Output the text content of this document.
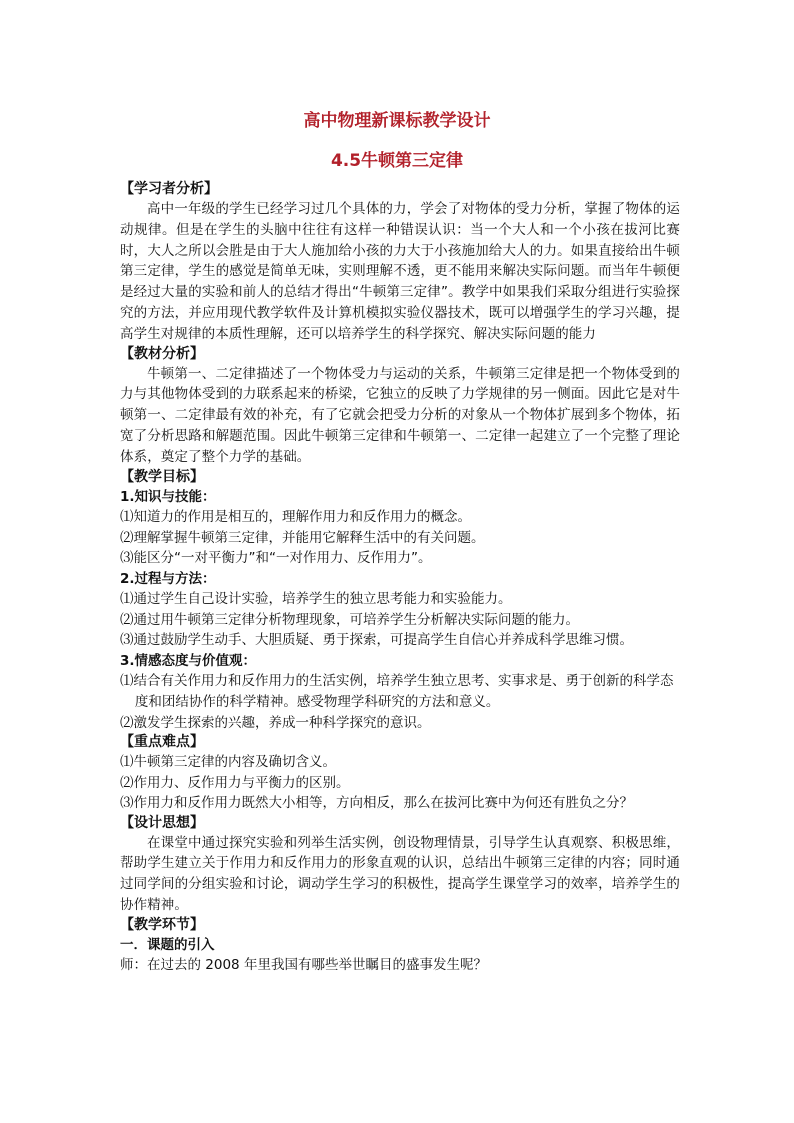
高中物理新课标教学设计
4.5牛顿第三定律

【学习者分析】

高中一年级的学生已经学习过几个具体的力，学会了对物体的受力分析，掌握了物体的运动规律。但是在学生的头脑中往往有这样一种错误认识：当一个大人和一个小孩在拔河比赛时，大人之所以会胜是由于大人施加给小孩的力大于小孩施加给大人的力。如果直接给出牛顿第三定律，学生的感觉是简单无味，实则理解不透，更不能用来解决实际问题。而当年牛顿便是经过大量的实验和前人的总结才得出“牛顿第三定律”。教学中如果我们采取分组进行实验探究的方法，并应用现代教学软件及计算机模拟实验仪器技术，既可以增强学生的学习兴趣，提高学生对规律的本质性理解，还可以培养学生的科学探究、解决实际问题的能力

【教材分析】

牛顿第一、二定律描述了一个物体受力与运动的关系，牛顿第三定律是把一个物体受到的力与其他物体受到的力联系起来的桥梁，它独立的反映了力学规律的另一侧面。因此它是对牛顿第一、二定律最有效的补充，有了它就会把受力分析的对象从一个物体扩展到多个物体，拓宽了分析思路和解题范围。因此牛顿第三定律和牛顿第一、二定律一起建立了一个完整了理论体系，奠定了整个力学的基础。

【教学目标】

1.知识与技能：

⑴知道力的作用是相互的，理解作用力和反作用力的概念。

⑵理解掌握牛顿第三定律，并能用它解释生活中的有关问题。

⑶能区分“一对平衡力”和“一对作用力、反作用力”。

2.过程与方法：

⑴通过学生自己设计实验，培养学生的独立思考能力和实验能力。

⑵通过用牛顿第三定律分析物理现象，可培养学生分析解决实际问题的能力。

⑶通过鼓励学生动手、大胆质疑、勇于探索，可提高学生自信心并养成科学思维习惯。

3.情感态度与价值观：

⑴结合有关作用力和反作用力的生活实例，培养学生独立思考、实事求是、勇于创新的科学态度和团结协作的科学精神。感受物理学科研究的方法和意义。

⑵激发学生探索的兴趣，养成一种科学探究的意识。

【重点难点】

⑴牛顿第三定律的内容及确切含义。

⑵作用力、反作用力与平衡力的区别。

⑶作用力和反作用力既然大小相等，方向相反，那么在拔河比赛中为何还有胜负之分？

【设计思想】

在课堂中通过探究实验和列举生活实例，创设物理情景，引导学生认真观察、积极思维，帮助学生建立关于作用力和反作用力的形象直观的认识，总结出牛顿第三定律的内容；同时通过同学间的分组实验和讨论，调动学生学习的积极性，提高学生课堂学习的效率，培养学生的协作精神。

【教学环节】

一．课题的引入

师：在过去的 2008 年里我国有哪些举世瞩目的盛事发生呢？
